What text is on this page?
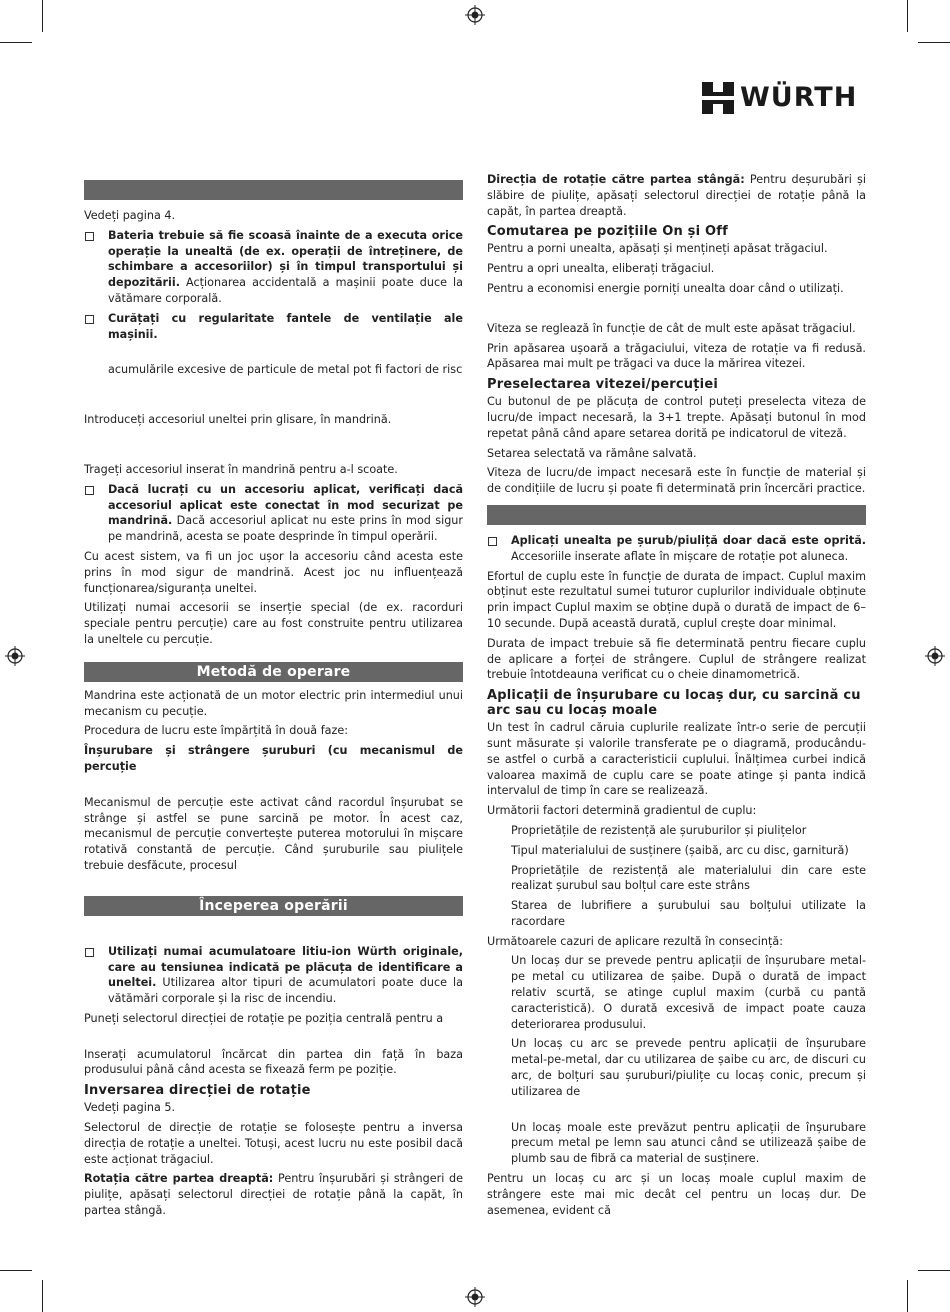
WÜRTH

Vedeți pagina 4.

Bateria trebuie să fie scoasă înainte de a executa orice operație la unealtă (de ex. operații de întreținere, de schimbare a accesoriilor) și în timpul transportului și depozitării. Acționarea accidentală a mașinii poate duce la vătămare corporală.

Curățați cu regularitate fantele de ventilație ale mașinii.

acumulările excesive de particule de metal pot fi factori de risc

Introduceți accesoriul uneltei prin glisare, în mandrină.

Trageți accesoriul inserat în mandrină pentru a-l scoate.

Dacă lucrați cu un accesoriu aplicat, verificați dacă accesoriul aplicat este conectat în mod securizat pe mandrină. Dacă accesoriul aplicat nu este prins în mod sigur pe mandrină, acesta se poate desprinde în timpul operării.

Cu acest sistem, va fi un joc ușor la accesoriu când acesta este prins în mod sigur de mandrină. Acest joc nu influențează funcționarea/siguranța uneltei.

Utilizați numai accesorii se inserție special (de ex. racorduri speciale pentru percuție) care au fost construite pentru utilizarea la uneltele cu percuție.

Metodă de operare

Mandrina este acționată de un motor electric prin intermediul unui mecanism cu pecuție.

Procedura de lucru este împărțită în două faze:

Înșurubare și strângere șuruburi (cu mecanismul de percuție

Mecanismul de percuție este activat când racordul înșurubat se strânge și astfel se pune sarcină pe motor. În acest caz, mecanismul de percuție convertește puterea motorului în mișcare rotativă constantă de percuție. Când șuruburile sau piulițele trebuie desfăcute, procesul

Începerea operării

Utilizați numai acumulatoare litiu-ion Würth originale, care au tensiunea indicată pe plăcuța de identificare a uneltei. Utilizarea altor tipuri de acumulatori poate duce la vătămări corporale și la risc de incendiu.

Puneți selectorul direcției de rotație pe poziția centrală pentru a

Inserați acumulatorul încărcat din partea din față în baza produsului până când acesta se fixează ferm pe poziție.

Inversarea direcției de rotație

Vedeți pagina 5.

Selectorul de direcție de rotație se folosește pentru a inversa direcția de rotație a uneltei. Totuși, acest lucru nu este posibil dacă este acționat trăgaciul.

Rotația către partea dreaptă: Pentru înșurubări și strângeri de piulițe, apăsați selectorul direcției de rotație până la capăt, în partea stângă.

Direcția de rotație către partea stângă: Pentru deșurubări și slăbire de piulițe, apăsați selectorul direcției de rotație până la capăt, în partea dreaptă.

Comutarea pe pozițiile On și Off

Pentru a porni unealta, apăsați și mențineți apăsat trăgaciul.

Pentru a opri unealta, eliberați trăgaciul.

Pentru a economisi energie porniți unealta doar când o utilizați.

Viteza se reglează în funcție de cât de mult este apăsat trăgaciul.

Prin apăsarea ușoară a trăgaciului, viteza de rotație va fi redusă. Apăsarea mai mult pe trăgaci va duce la mărirea vitezei.

Preselectarea vitezei/percuției

Cu butonul de pe plăcuța de control puteți preselecta viteza de lucru/de impact necesară, la 3+1 trepte. Apăsați butonul în mod repetat până când apare setarea dorită pe indicatorul de viteză.

Setarea selectată va rămâne salvată.

Viteza de lucru/de impact necesară este în funcție de material și de condițiile de lucru și poate fi determinată prin încercări practice.

Aplicați unealta pe șurub/piuliță doar dacă este oprită. Accesoriile inserate aflate în mișcare de rotație pot aluneca.

Efortul de cuplu este în funcție de durata de impact. Cuplul maxim obținut este rezultatul sumei tuturor cuplurilor individuale obținute prin impact Cuplul maxim se obține după o durată de impact de 6–10 secunde. După această durată, cuplul crește doar minimal.

Durata de impact trebuie să fie determinată pentru fiecare cuplu de aplicare a forței de strângere. Cuplul de strângere realizat trebuie întotdeauna verificat cu o cheie dinamometrică.

Aplicații de înșurubare cu locaș dur, cu sarcină cu arc sau cu locaș moale

Un test în cadrul căruia cuplurile realizate într-o serie de percuții sunt măsurate și valorile transferate pe o diagramă, producându-se astfel o curbă a caracteristicii cuplului. Înălțimea curbei indică valoarea maximă de cuplu care se poate atinge și panta indică intervalul de timp în care se realizează.

Următorii factori determină gradientul de cuplu:

Proprietățile de rezistență ale șuruburilor și piulițelor

Tipul materialului de susținere (șaibă, arc cu disc, garnitură)

Proprietățile de rezistență ale materialului din care este realizat șurubul sau bolțul care este strâns

Starea de lubrifiere a șurubului sau bolțului utilizate la racordare

Următoarele cazuri de aplicare rezultă în consecință:

Un locaș dur se prevede pentru aplicații de înșurubare metal-pe metal cu utilizarea de șaibe. După o durată de impact relativ scurtă, se atinge cuplul maxim (curbă cu pantă caracteristică). O durată excesivă de impact poate cauza deteriorarea produsului.

Un locaș cu arc se prevede pentru aplicații de înșurubare metal-pe-metal, dar cu utilizarea de șaibe cu arc, de discuri cu arc, de bolțuri sau șuruburi/piulițe cu locaș conic, precum și utilizarea de

Un locaș moale este prevăzut pentru aplicații de înșurubare precum metal pe lemn sau atunci când se utilizează șaibe de plumb sau de fibră ca material de susținere.

Pentru un locaș cu arc și un locaș moale cuplul maxim de strângere este mai mic decât cel pentru un locaș dur. De asemenea, evident că
